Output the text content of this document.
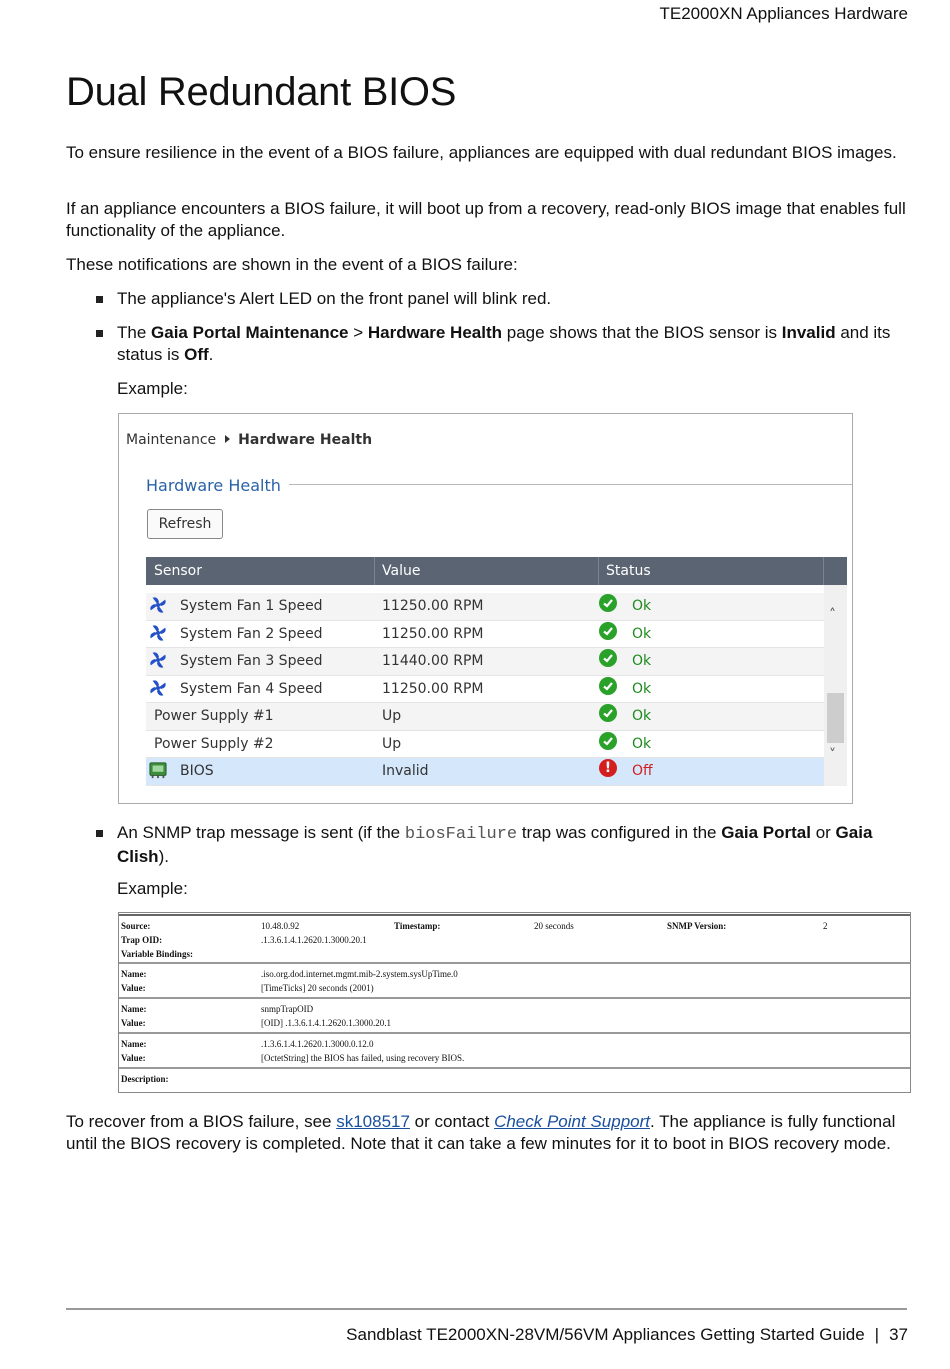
TE2000XN Appliances Hardware
Dual Redundant BIOS

To ensure resilience in the event of a BIOS failure, appliances are equipped with dual redundant BIOS images.

If an appliance encounters a BIOS failure, it will boot up from a recovery, read-only BIOS image that enables full functionality of the appliance.

These notifications are shown in the event of a BIOS failure:

The appliance's Alert LED on the front panel will blink red.
The Gaia Portal Maintenance > Hardware Health page shows that the BIOS sensor is Invalid and its status is Off.
Example:
Maintenance Hardware Health
Hardware Health
Refresh
Sensor	Value	Status
System Fan 1 Speed	11250.00 RPM	Ok
System Fan 2 Speed	11250.00 RPM	Ok
System Fan 3 Speed	11440.00 RPM	Ok
System Fan 4 Speed	11250.00 RPM	Ok
Power Supply #1	Up	Ok
Power Supply #2	Up	Ok
BIOS	Invalid	!	Off
˄
˅
An SNMP trap message is sent (if the biosFailure trap was configured in the Gaia Portal or Gaia Clish).
Example:
Source:	10.48.0.92	Timestamp:	20 seconds	SNMP Version:	2
Trap OID:	.1.3.6.1.4.1.2620.1.3000.20.1
Variable Bindings:
Name:	.iso.org.dod.internet.mgmt.mib-2.system.sysUpTime.0
Value:	[TimeTicks] 20 seconds (2001)
Name:	snmpTrapOID
Value:	[OID] .1.3.6.1.4.1.2620.1.3000.20.1
Name:	.1.3.6.1.4.1.2620.1.3000.0.12.0
Value:	[OctetString] the BIOS has failed, using recovery BIOS.
Description:

To recover from a BIOS failure, see sk108517 or contact Check Point Support. The appliance is fully functional until the BIOS recovery is completed. Note that it can take a few minutes for it to boot in BIOS recovery mode.

Sandblast TE2000XN-28VM/56VM Appliances Getting Started Guide | 37
